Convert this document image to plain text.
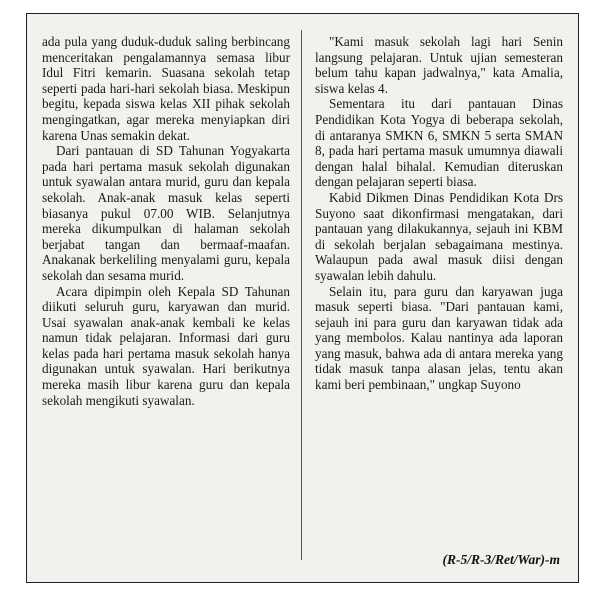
ada pula yang duduk-duduk saling berbincang menceritakan pengalamannya semasa libur Idul Fitri kemarin. Suasana sekolah tetap seperti pada hari-hari sekolah biasa. Meskipun begitu, kepada siswa kelas XII pihak sekolah mengingatkan, agar mereka menyiapkan diri karena Unas semakin dekat.

Dari pantauan di SD Tahunan Yogyakarta pada hari pertama masuk sekolah digunakan untuk syawalan antara murid, guru dan kepala sekolah. Anak-anak masuk kelas seperti biasanya pukul 07.00 WIB. Selanjutnya mereka dikumpulkan di halaman sekolah berjabat tangan dan bermaaf-maafan. Anakanak berkeliling menyalami guru, kepala sekolah dan sesama murid.

Acara dipimpin oleh Kepala SD Tahunan diikuti seluruh guru, karyawan dan murid. Usai syawalan anak-anak kembali ke kelas namun tidak pelajaran. Informasi dari guru kelas pada hari pertama masuk sekolah hanya digunakan untuk syawalan. Hari berikutnya mereka masih libur karena guru dan kepala sekolah mengikuti syawalan.

"Kami masuk sekolah lagi hari Senin langsung pelajaran. Untuk ujian semesteran belum tahu kapan jadwalnya," kata Amalia, siswa kelas 4.

Sementara itu dari pantauan Dinas Pendidikan Kota Yogya di beberapa sekolah, di antaranya SMKN 6, SMKN 5 serta SMAN 8, pada hari pertama masuk umumnya diawali dengan halal bihalal. Kemudian diteruskan dengan pelajaran seperti biasa.

Kabid Dikmen Dinas Pendidikan Kota Drs Suyono saat dikonfirmasi mengatakan, dari pantauan yang dilakukannya, sejauh ini KBM di sekolah berjalan sebagaimana mestinya. Walaupun pada awal masuk diisi dengan syawalan lebih dahulu.

Selain itu, para guru dan karyawan juga masuk seperti biasa. "Dari pantauan kami, sejauh ini para guru dan karyawan tidak ada yang membolos. Kalau nantinya ada laporan yang masuk, bahwa ada di antara mereka yang tidak masuk tanpa alasan jelas, tentu akan kami beri pembinaan," ungkap Suyono

(R-5/R-3/Ret/War)-m
